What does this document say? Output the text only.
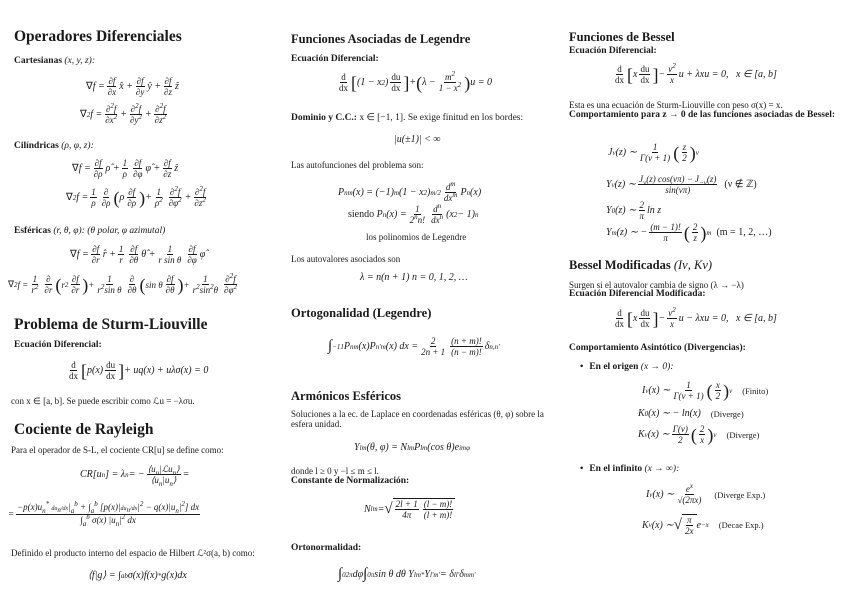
Operadores Diferenciales
Cartesianas (x, y, z):
∇ $f = \frac{\partial f}{\partial x}$ x̂ + $\frac{\partial f}{\partial y}$ ŷ + $\frac{\partial f}{\partial z}$ ẑ
∇ 2 $f = \frac{\partial^2f}{\partial x^2} + \frac{\partial^2f}{\partial y^2} + \frac{\partial^2f}{\partial z^2}$
Cilíndricas (ρ, φ, z):
∇ $f = \frac{\partial f}{\partial\rho}$ ρ̂ + $\frac{1}{\rho} \frac{\partial f}{\partial\varphi}$ φ̂ + $\frac{\partial f}{\partial z}$ ẑ
∇ 2 $f = \frac{1}{\rho} \frac{\partial}{\partial\rho}$ ( ρ $\frac{\partial f}{\partial\rho}$ ) + $\frac{1}{\rho^2} \frac{\partial^2f}{\partial\varphi^2} + \frac{\partial^2f}{\partial z^2}$
Esféricas (r, θ, φ): (θ polar, φ azimutal)
∇ $f = \frac{\partial f}{\partial r}$ r̂ + $\frac{1}{r} \frac{\partial f}{\partial\theta}$ θ̂ + $\frac{1}{\text{r sin θ}} \frac{\partial f}{\partial\varphi}$ φ̂
∇ 2 $f = \frac{1}{r^2} \frac{\partial}{\partial r}$ ( r $2 \frac{\partial f}{\partial r}$ ) + $\frac{1}{r^2\sin \theta} \frac{\partial}{\partial\theta}$ ( sin θ $\frac{\partial f}{\partial\theta}$ ) + $\frac{1}{r^2\sin^2\theta} \frac{\partial^2f}{\partial\varphi^2}$
Problema de Sturm-Liouville
Ecuación Diferencial:
$\frac{d}{dx}$ [ $p(x) \frac{du}{dx}$ ] + uq(x) + uλσ(x) = 0
con x ∈ [a, b]. Se puede escribir como ℒu = −λσu.
Cociente de Rayleigh
Para el operador de S-L, el cociente CR[u] se define como:
CR[u n ] = λ n = − $\frac{⟨u_n|ℒu_n⟩}{⟨u_n|u_n⟩}$ =
= $\frac{-p(x)u_n^* du_n/dx|_a^b + \int_a^b [p(x)|du_n/dx|^2 - q(x)|u_n|^2] dx}{\int_a^b \sigma(x) |u_n|^2 dx}$
Definido el producto interno del espacio de Hilbert ℒ²σ(a, b) como:
⟨f|g⟩ = ∫ a b σ(x)f(x) * g(x)dx
Funciones Asociadas de Legendre
Ecuación Diferencial:
$\frac{d}{dx}$ [ (1 − x 2 ) $\frac{du}{dx}$ ] + ( $\lambda - \frac{m^2}{1 - x^2}$ ) u = 0
Dominio y C.C.: x ∈ [−1, 1]. Se exige finitud en los bordes:
|u(±1)| < ∞
Las autofunciones del problema son:
P n m (x) = (−1) m (1 − x 2 ) $m/2 \frac{d^m}{dx^m}$ P n (x)
siendo P n $(x) = \frac{1}{2^nn!} \frac{d^n}{dx^n} (x$ 2 − 1) n
los polinomios de Legendre
Los autovalores asociados son
λ = n(n + 1) n = 0, 1, 2, …
Ortogonalidad (Legendre)
∫ −1 1 P n m (x)P n' m (x) dx = $\frac{2}{2n + 1} \frac{(n + m)!}{(n - m)!}$ δ n,n'
Armónicos Esféricos
Soluciones a la ec. de Laplace en coordenadas esféricas (θ, φ) sobre la esfera unidad.
Y l m (θ, φ) = N lm P l m (cos θ)e imφ
donde l ≥ 0 y −l ≤ m ≤ l.
Constante de Normalización:
N lm = √ $\frac{2l + 1}{4\pi} \frac{(l - m)!}{(l + m)!}$
Ortonormalidad:
∫ 0 2π dφ ∫ 0 π sin θ dθ Y l m* Y l' m' = δ ll' δ mm'
Funciones de Bessel
Ecuación Diferencial:
$\frac{d}{dx}$ [ x $\frac{du}{dx}$ ] − $\frac{\nu^2}{x}$ u + λxu = 0,   x ∈ [a, b]
Esta es una ecuación de Sturm-Liouville con peso σ(x) = x.
Comportamiento para z → 0 de las funciones asociadas de Bessel:
J ν (z) ∼ $\frac{1}{\Gamma(\nu + 1)}$ ( $\frac{z}{2}$ ) ν
Y ν (z) ∼ $\frac{J_\nu(z) \cos(\nu\pi) - J_{-\nu}(z)}{\sin(\nu\pi)}$
(ν ∉ ℤ)
Y 0 (z) ∼ $\frac{2}{\pi}$ ln z
Y m (z) ∼ − $\frac{(m - 1)!}{\pi}$ ( $\frac{2}{z}$ ) m
(m = 1, 2, …)
Bessel Modificadas (Iν, Kν)
Surgen si el autovalor cambia de signo (λ → −λ)
Ecuación Diferencial Modificada:
$\frac{d}{dx}$ [ x $\frac{du}{dx}$ ] − $\frac{\nu^2}{x}$ u − λxu = 0,   x ∈ [a, b]
Comportamiento Asintótico (Divergencias):
• En el origen (x → 0):
I ν (x) ∼ $\frac{1}{\Gamma(\nu + 1)}$ ( $\frac{x}{2}$ ) ν (Finito)
K 0 (x) ∼ − ln(x) (Diverge)
K ν (x) ∼ $\frac{\Gamma(\nu)}{2}$ ( $\frac{2}{x}$ ) ν (Diverge)
• En el infinito (x → ∞):
I ν (x) ∼ $\frac{e^x}{√(2\pi x)}$ (Diverge Exp.)
K ν (x) ∼ √ $\frac{\pi}{2x}$ e −x (Decae Exp.)
